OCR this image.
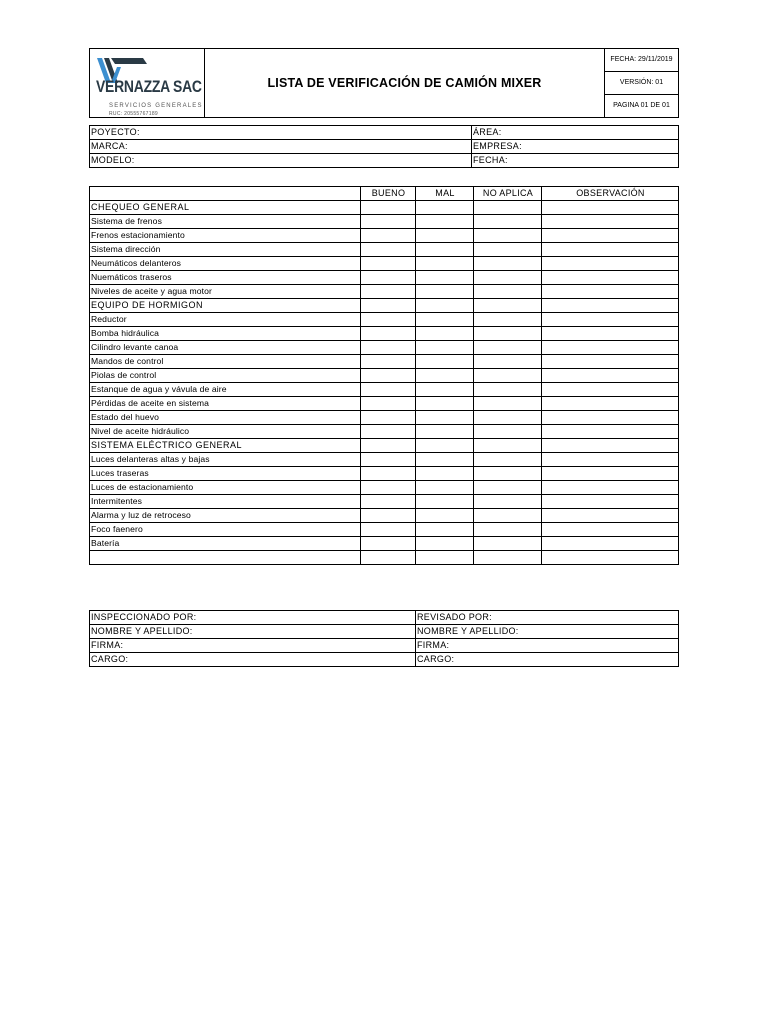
VERNAZZA SAC
SERVICIOS GENERALES
RUC: 20555767189
	LISTA DE VERIFICACIÓN DE CAMIÓN MIXER	FECHA: 29/11/2019
VERSIÓN: 01
PAGINA 01 DE 01
POYECTO:	ÁREA:
MARCA:	EMPRESA:
MODELO:	FECHA:
	BUENO	MAL	NO APLICA	OBSERVACIÓN
CHEQUEO GENERAL				
Sistema de frenos				
Frenos estacionamiento				
Sistema dirección				
Neumáticos delanteros				
Nuemáticos traseros				
Niveles de aceite y agua motor				
EQUIPO DE HORMIGON				
Reductor				
Bomba hidráulica				
Cilindro levante canoa				
Mandos de control				
Piolas de control				
Estanque de agua y vávula de aire				
Pérdidas de aceite en sistema				
Estado del huevo				
Nivel de aceite hidráulico				
SISTEMA ELÉCTRICO GENERAL				
Luces delanteras altas y bajas				
Luces traseras				
Luces de estacionamiento				
Intermitentes				
Alarma y luz de retroceso				
Foco faenero				
Batería				

INSPECCIONADO POR:	REVISADO POR:
NOMBRE Y APELLIDO:	NOMBRE Y APELLIDO:
FIRMA:	FIRMA:
CARGO:	CARGO:
